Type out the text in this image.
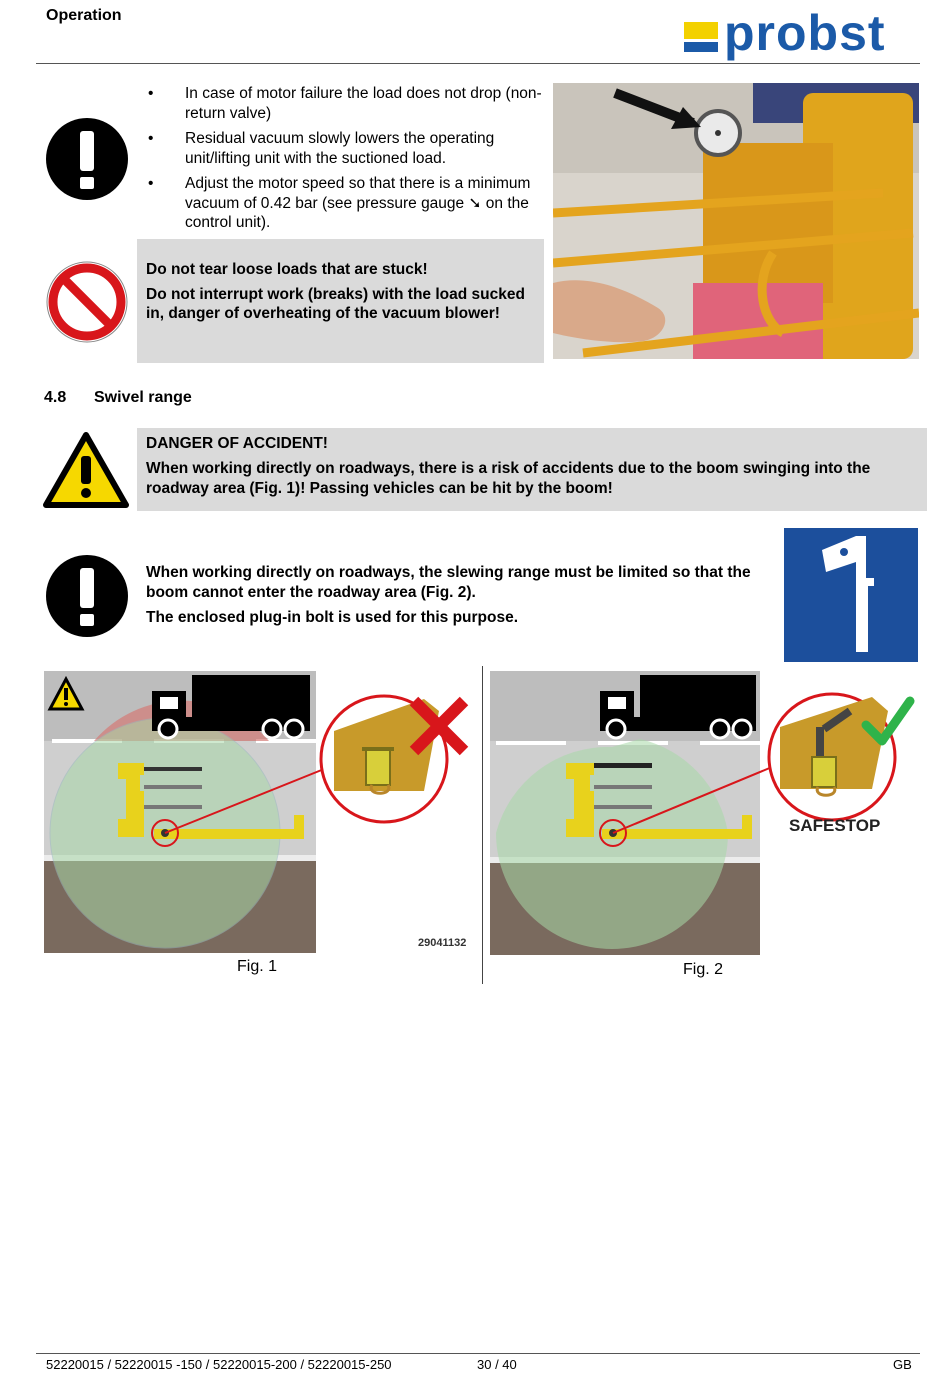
Operation	probst
• In case of motor failure the load does not drop (non-return valve)
• Residual vacuum slowly lowers the operating unit/lifting unit with the suctioned load.
• Adjust the motor speed so that there is a minimum vacuum of 0.42 bar (see pressure gauge ➘ on the control unit).

Do not tear loose loads that are stuck!

Do not interrupt work (breaks) with the load sucked in, danger of overheating of the vacuum blower!

4.8 Swivel range

DANGER OF ACCIDENT!

When working directly on roadways, there is a risk of accidents due to the boom swinging into the roadway area (Fig. 1)! Passing vehicles can be hit by the boom!

When working directly on roadways, the slewing range must be limited so that the boom cannot enter the roadway area (Fig. 2).

The enclosed plug-in bolt is used for this purpose.

29041132
Fig. 1
SAFESTOP
Fig. 2
52220015 / 52220015 -150 / 52220015-200 / 52220015-250	30 / 40	GB
